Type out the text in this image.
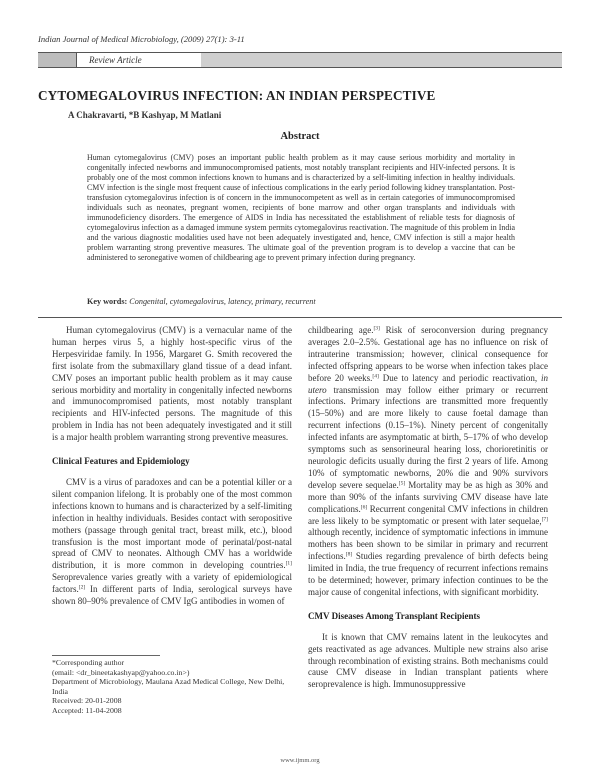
Indian Journal of Medical Microbiology, (2009) 27(1): 3-11
Review Article
CYTOMEGALOVIRUS INFECTION: AN INDIAN PERSPECTIVE
A Chakravarti, *B Kashyap, M Matlani
Abstract
Human cytomegalovirus (CMV) poses an important public health problem as it may cause serious morbidity and mortality in congenitally infected newborns and immunocompromised patients, most notably transplant recipients and HIV-infected persons. It is probably one of the most common infections known to humans and is characterized by a self-limiting infection in healthy individuals. CMV infection is the single most frequent cause of infectious complications in the early period following kidney transplantation. Post-transfusion cytomegalovirus infection is of concern in the immunocompetent as well as in certain categories of immunocompromised individuals such as neonates, pregnant women, recipients of bone marrow and other organ transplants and individuals with immunodeficiency disorders. The emergence of AIDS in India has necessitated the establishment of reliable tests for diagnosis of cytomegalovirus infection as a damaged immune system permits cytomegalovirus reactivation. The magnitude of this problem in India and the various diagnostic modalities used have not been adequately investigated and, hence, CMV infection is still a major health problem warranting strong preventive measures. The ultimate goal of the prevention program is to develop a vaccine that can be administered to seronegative women of childbearing age to prevent primary infection during pregnancy.
Key words: Congenital, cytomegalovirus, latency, primary, recurrent

Human cytomegalovirus (CMV) is a vernacular name of the human herpes virus 5, a highly host-specific virus of the Herpesviridae family. In 1956, Margaret G. Smith recovered the first isolate from the submaxillary gland tissue of a dead infant. CMV poses an important public health problem as it may cause serious morbidity and mortality in congenitally infected newborns and immunocompromised patients, most notably transplant recipients and HIV-infected persons. The magnitude of this problem in India has not been adequately investigated and it still is a major health problem warranting strong preventive measures.

Clinical Features and Epidemiology

CMV is a virus of paradoxes and can be a potential killer or a silent companion lifelong. It is probably one of the most common infections known to humans and is characterized by a self-limiting infection in healthy individuals. Besides contact with seropositive mothers (passage through genital tract, breast milk, etc.), blood transfusion is the most important mode of perinatal/post-natal spread of CMV to neonates. Although CMV has a worldwide distribution, it is more common in developing countries.[1] Seroprevalence varies greatly with a variety of epidemiological factors.[2] In different parts of India, serological surveys have shown 80–90% prevalence of CMV IgG antibodies in women of

childbearing age.[3] Risk of seroconversion during pregnancy averages 2.0–2.5%. Gestational age has no influence on risk of intrauterine transmission; however, clinical consequence for infected offspring appears to be worse when infection takes place before 20 weeks.[4] Due to latency and periodic reactivation, in utero transmission may follow either primary or recurrent infections. Primary infections are transmitted more frequently (15–50%) and are more likely to cause foetal damage than recurrent infections (0.15–1%). Ninety percent of congenitally infected infants are asymptomatic at birth, 5–17% of who develop symptoms such as sensorineural hearing loss, chorioretinitis or neurologic deficits usually during the first 2 years of life. Among 10% of symptomatic newborns, 20% die and 90% survivors develop severe sequelae.[5] Mortality may be as high as 30% and more than 90% of the infants surviving CMV disease have late complications.[6] Recurrent congenital CMV infections in children are less likely to be symptomatic or present with later sequelae,[7] although recently, incidence of symptomatic infections in immune mothers has been shown to be similar in primary and recurrent infections.[8] Studies regarding prevalence of birth defects being limited in India, the true frequency of recurrent infections remains to be determined; however, primary infection continues to be the major cause of congenital infections, with significant morbidity.

CMV Diseases Among Transplant Recipients

It is known that CMV remains latent in the leukocytes and gets reactivated as age advances. Multiple new strains also arise through recombination of existing strains. Both mechanisms could cause CMV disease in Indian transplant patients where seroprevalence is high. Immunosuppressive

*Corresponding author
(email: <dr_bineetakashyap@yahoo.co.in>)
Department of Microbiology, Maulana Azad Medical College, New Delhi, India
Received: 20-01-2008
Accepted: 11-04-2008
www.ijmm.org
